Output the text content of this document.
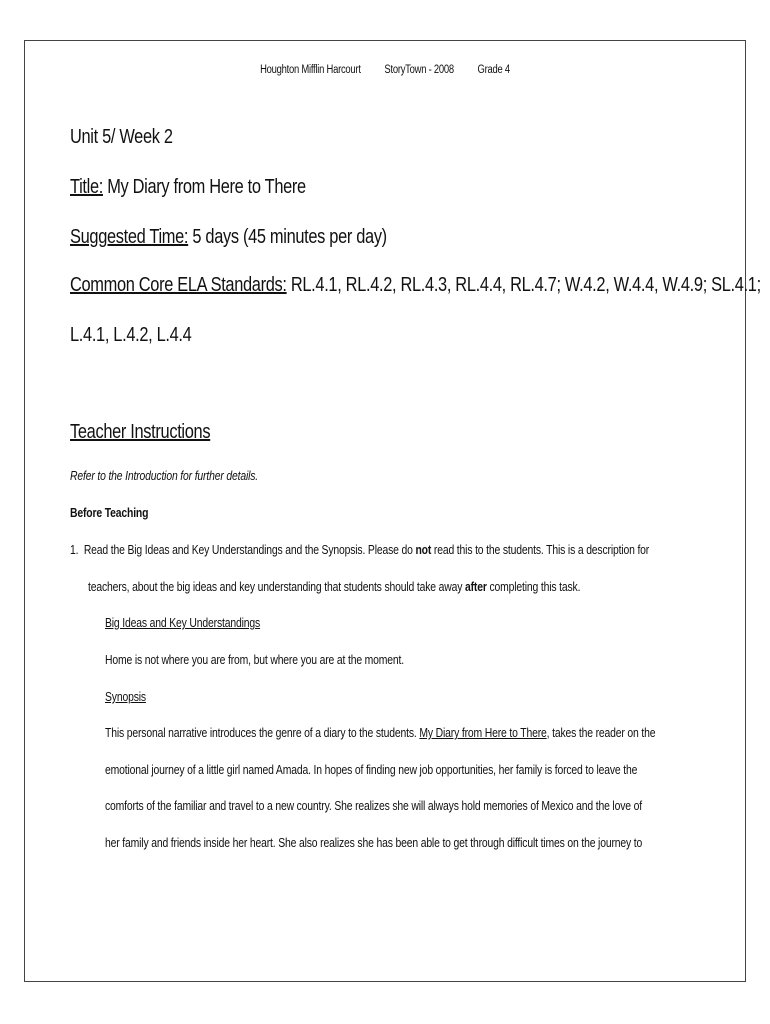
Houghton Mifflin Harcourt StoryTown - 2008 Grade 4
Unit 5/ Week 2
Title: My Diary from Here to There
Suggested Time: 5 days (45 minutes per day)
Common Core ELA Standards: RL.4.1, RL.4.2, RL.4.3, RL.4.4, RL.4.7; W.4.2, W.4.4, W.4.9; SL.4.1;
L.4.1, L.4.2, L.4.4
Teacher Instructions
Refer to the Introduction for further details.
Before Teaching
1. Read the Big Ideas and Key Understandings and the Synopsis. Please do not read this to the students. This is a description for
teachers, about the big ideas and key understanding that students should take away after completing this task.
Big Ideas and Key Understandings
Home is not where you are from, but where you are at the moment.
Synopsis
This personal narrative introduces the genre of a diary to the students. My Diary from Here to There, takes the reader on the
emotional journey of a little girl named Amada. In hopes of finding new job opportunities, her family is forced to leave the
comforts of the familiar and travel to a new country. She realizes she will always hold memories of Mexico and the love of
her family and friends inside her heart. She also realizes she has been able to get through difficult times on the journey to
